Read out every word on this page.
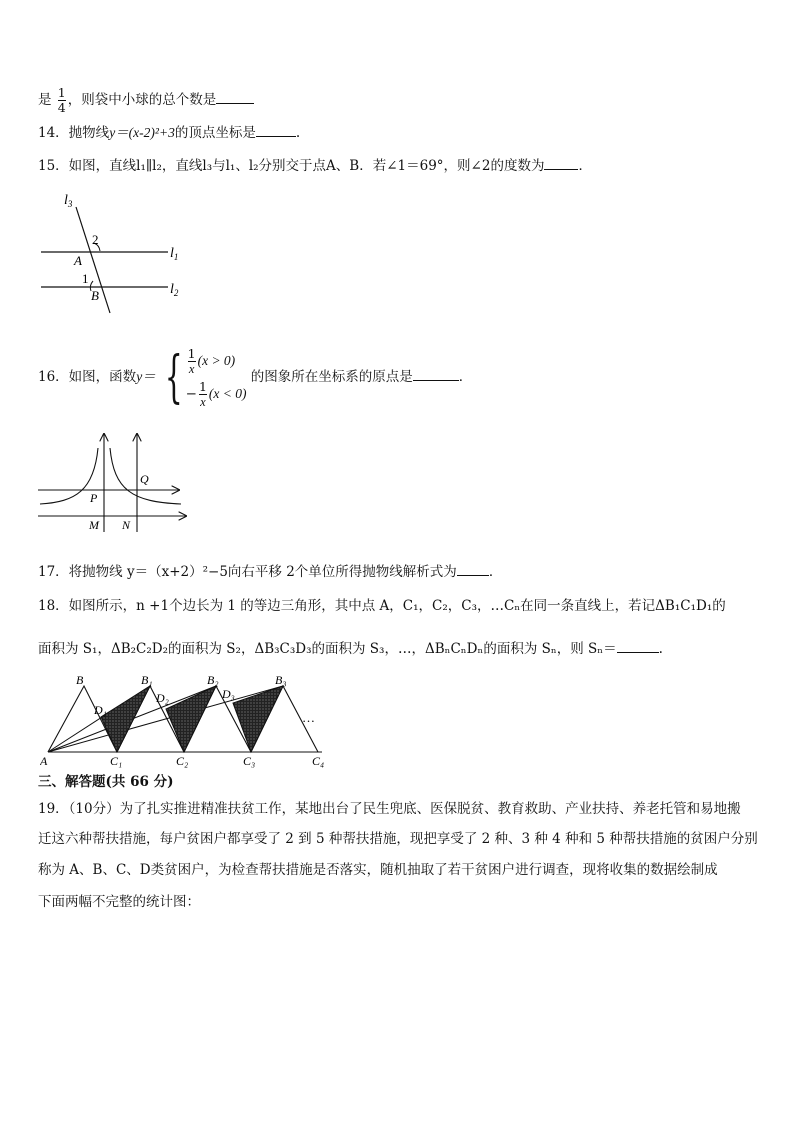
是 $\frac{1}{4}$ ，则袋中小球的总个数是
14．抛物线y＝(x-2)²+3的顶点坐标是	.
15．如图，直线l₁∥l₂，直线l₃与l₁、l₂分别交于点A、B．若∠1＝69°，则∠2的度数为	．
$l_3$
$l_1$
$l_2$
2
A
1
B
16．如图，函数y＝ { $\frac{1}{x} (x > 0)$
− $\frac{1}{x} (x < 0)$
的图象所在坐标系的原点是	．
P
Q
M N
17．将抛物线 y＝（x+2）²−5向右平移 2个单位所得抛物线解析式为 ．
18．如图所示，n +1个边长为 1 的等边三角形，其中点 A，C₁，C₂，C₃，…Cₙ在同一条直线上，若记ΔB₁C₁D₁的
面积为 S₁，ΔB₂C₂D₂的面积为 S₂，ΔB₃C₃D₃的面积为 S₃，…，ΔBₙCₙDₙ的面积为 Sₙ，则 Sₙ＝	.
A
B	B₁	B₂	B₃
D₁
D₂	D₃
C₁	C₂	C₃	C₄
…
三、解答题(共 66 分)
19．（10分）为了扎实推进精准扶贫工作，某地出台了民生兜底、医保脱贫、教育救助、产业扶持、养老托管和易地搬
迁这六种帮扶措施，每户贫困户都享受了 2 到 5 种帮扶措施，现把享受了 2 种、3 种 4 种和 5 种帮扶措施的贫困户分别
称为 A、B、C、D类贫困户，为检查帮扶措施是否落实，随机抽取了若干贫困户进行调查，现将收集的数据绘制成
下面两幅不完整的统计图：
